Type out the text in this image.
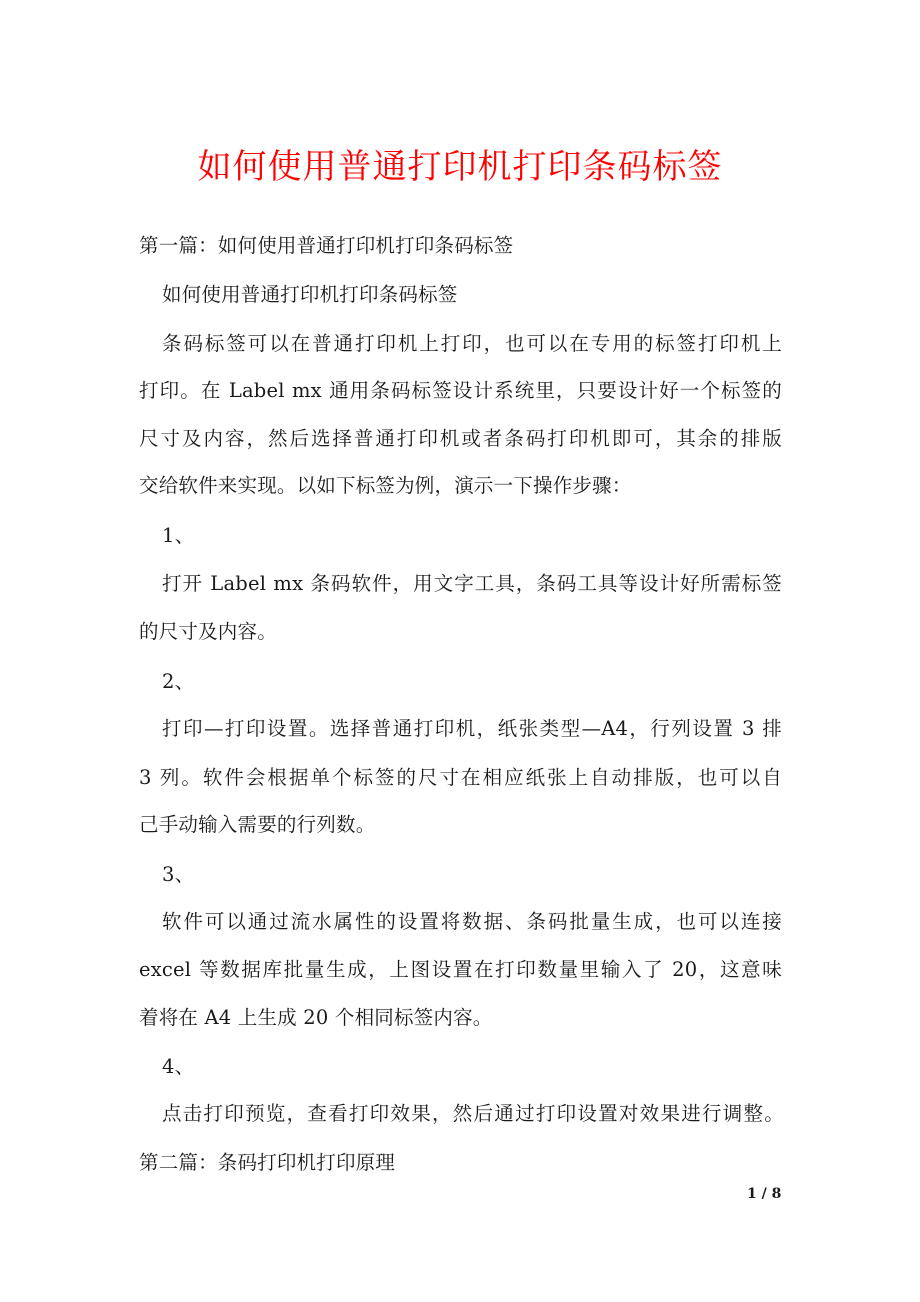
如何使用普通打印机打印条码标签
第一篇：如何使用普通打印机打印条码标签
如何使用普通打印机打印条码标签
条码标签可以在普通打印机上打印，也可以在专用的标签打印机上
打印。在 Label mx 通用条码标签设计系统里，只要设计好一个标签的
尺寸及内容，然后选择普通打印机或者条码打印机即可，其余的排版
交给软件来实现。以如下标签为例，演示一下操作步骤：
1、
打开 Label mx 条码软件，用文字工具，条码工具等设计好所需标签
的尺寸及内容。
2、
打印—打印设置。选择普通打印机，纸张类型—A4，行列设置 3 排
3 列。软件会根据单个标签的尺寸在相应纸张上自动排版，也可以自
己手动输入需要的行列数。
3、
软件可以通过流水属性的设置将数据、条码批量生成，也可以连接
excel 等数据库批量生成，上图设置在打印数量里输入了 20，这意味
着将在 A4 上生成 20 个相同标签内容。
4、
点击打印预览，查看打印效果，然后通过打印设置对效果进行调整。
第二篇：条码打印机打印原理
1 / 8
